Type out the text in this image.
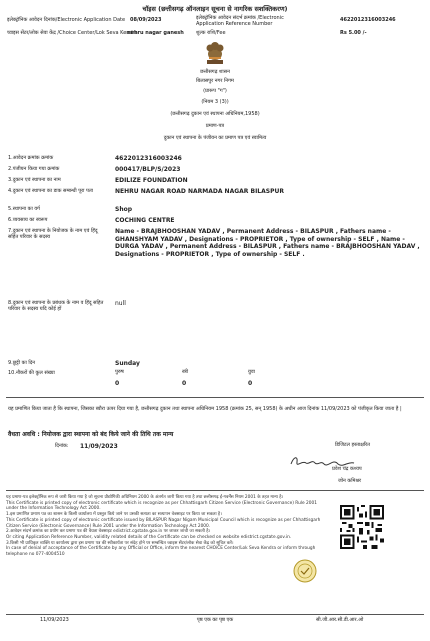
चॉइस (छत्तीसगढ़ ऑनलाइन सूचना से नागरिक सशक्तिकरण)
इलेक्ट्रॉनिक आवेदन दिनांक/Electronic Application Date 08/09/2023	इलेक्ट्रॉनिक आवेदन संदर्भ क्रमांक /Electronic Application Reference Number
4622012316003246
च्वाइस सेंटर/लोक सेवा केंद्र /Choice Center/Lok Seva Kendra
nehru nagar ganesh शुल्क राशि/Fee	Rs 5.00 /-
छत्तीसगढ़ शासन
बिलासपुर नगर निगम
(प्रारूप "ग")
(नियम 3 (3))
(छत्तीसगढ़ दुकान एवं स्थापना अधिनियम,1958)
प्रमाण-पत्र
दुकान एवं स्थापना के पंजीयन का प्रमाण पत्र एवं स्वामित्व
1.आवेदन क्रमांक क्रमांक	4622012316003246
2.पंजीयन किया गया क्रमांक	000417/BLP/S/2023
3.दुकान एवं स्थापना का नाम	EDILIZE FOUNDATION
4.दुकान एवं स्थापना का डाक सम्बन्धी पूरा पता	NEHRU NAGAR ROAD NARMADA NAGAR BILASPUR
5.स्थापना का वर्ग	Shop
6.व्यवसाय का स्वरूप	COCHING CENTRE
7.दुकान एवं स्थापना के नियोजक के नाम एवं हिंदू सहित परिवार के सदस्य
Name - BRAJBHOOSHAN YADAV , Permanent Address - BILASPUR , Fathers name - GHANSHYAM YADAV , Designations - PROPRIETOR , Type of ownership - SELF , Name - DURGA YADAV , Permanent Address - BILASPUR , Fathers name - BRAJBHOOSHAN YADAV , Designations - PROPRIETOR , Type of ownership - SELF .
8.दुकान एवं स्थापना के प्रबंधक के नाम व हिंदू सहित परिवार के सदस्य यदि कोई हों
null
9.छुट्टी का दिन	Sunday
10.नौकरों की कुल संख्या	पुरुष	स्त्री	युवा
0	0	0
यह प्रमाणित किया जाता है कि स्थापना, जिसका ब्यौरा ऊपर दिया गया है, छत्तीसगढ़ दुकान तथा स्थापना अधिनियम 1958 (क्रमांक 25, सन् 1958) के अधीन आज दिनांक 11/09/2023 को पंजीकृत किया जाता है |
वैधता अवधि : नियोजक द्वारा स्थापना को बंद किये जाने की तिथि तक मान्य
दिनांक: 11/09/2023	डिजिटल हस्ताक्षरित
प्रवेश चंद्र कश्यप
जोन कमिश्नर
यह प्रमाण-पत्र इलेक्ट्रॉनिक रूप से जारी किया गया है जो सूचना प्रौद्योगिकी अधिनियम 2000 के अंतर्गत जारी किया गया है तथा छत्तीसगढ़ ई-गवर्नेंस नियम 2001 के तहत मान्य है।
This Certificate is printed copy of electronic certificate which is recognize as per Chhattisgarh Citizen Service (Electronic Governance) Rule 2001 under the Information Technology Act 2000.
1.इस प्रमाणित प्रमाण पत्र का शासन के किसी कार्यालय में प्रस्तुत किये जाने पर उसकी सत्यता का सत्यापन वेबसाइट पर किया जा सकता है।
This Certificate is printed copy of electronic certificate issued by BILASPUR Nagar Nigam Municipal Council which is recognize as per Chhattisgarh Citizen Service (Electronic Governance) Rule 2001 under the Information Technology Act 2000.
2.आवेदन संदर्भ क्रमांक का प्रयोग कर प्रमाण पत्र की वैधता वेबसाइट edistrict.cgstate.gov.in पर जाकर जांची जा सकती है।
Or citing Application Reference Number, validity related details of the Certificate can be checked on website edistrict.cgstate.gov.in.
3.किसी भी प्राधिकृत व्यक्ति या कार्यालय द्वारा इस प्रमाण पत्र की स्वीकार्यता पर संदेह होने पर सम्बन्धित च्वाइस सेंटर/लोक सेवा केंद्र को सूचित करें।
In case of denial of acceptance of the Certificate by any Official or Office, inform the nearest CHOiCE Center/Lok Seva Kendra or inform through telephone no 077-4004510
11/09/2023	पृष्ठ एक का पृष्ठ एक	सी.जी.आर.सी.डी.आर.ओ
